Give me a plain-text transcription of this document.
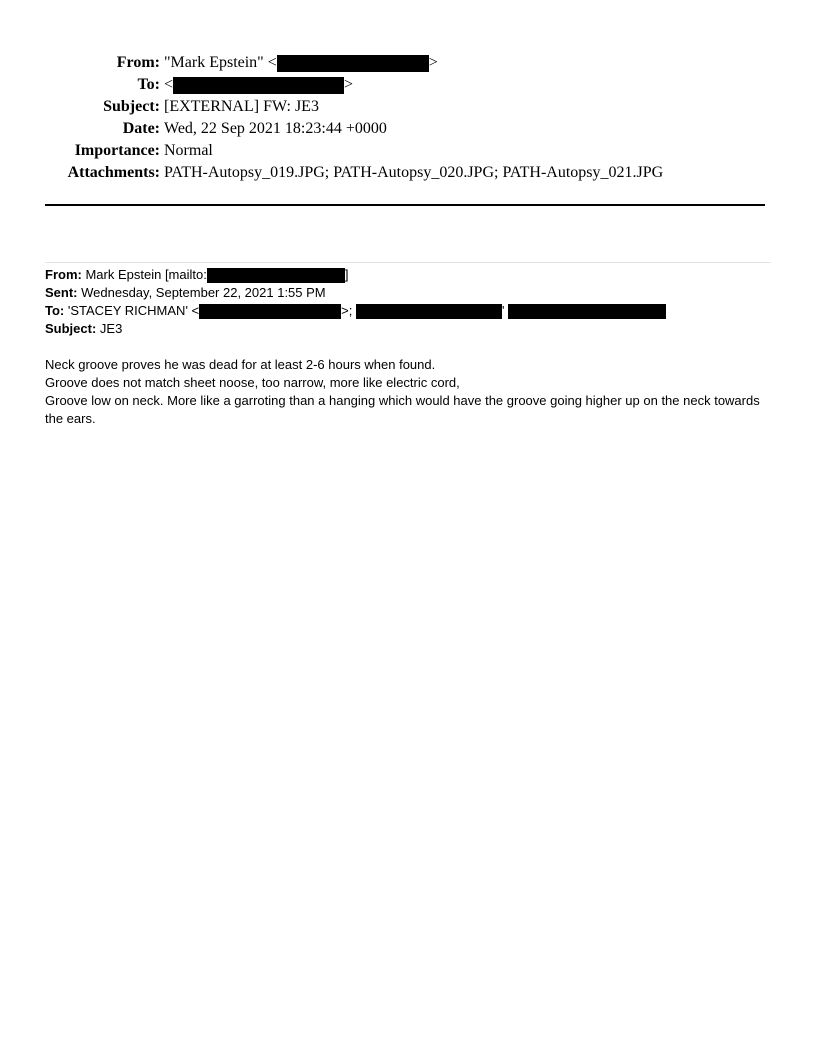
From: "Mark Epstein" <	>
To: <	>
Subject: [EXTERNAL] FW: JE3
Date: Wed, 22 Sep 2021 18:23:44 +0000
Importance: Normal
Attachments: PATH-Autopsy_019.JPG; PATH-Autopsy_020.JPG; PATH-Autopsy_021.JPG
From: Mark Epstein [mailto:	]
Sent: Wednesday, September 22, 2021 1:55 PM
To: 'STACEY RICHMAN' <	>;	'
Subject: JE3

Neck groove proves he was dead for at least 2-6 hours when found.

Groove does not match sheet noose, too narrow, more like electric cord,

Groove low on neck. More like a garroting than a hanging which would have the groove going higher up on the neck towards the ears.
